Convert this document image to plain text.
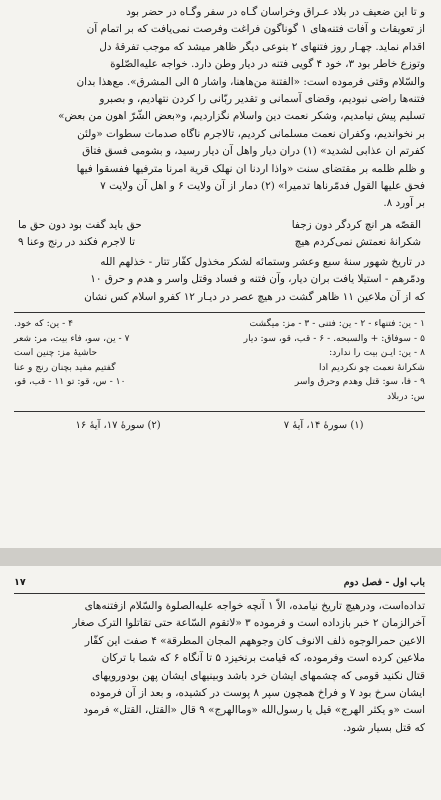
و تا این ضعیف در بلاد عـراق وخراسان گـاه در سفر وگـاه در حضر بود
از تعویقات و آفات فتنه‌های ۱ گوناگون فراغت وفرصت نمی‌یافت که بر اتمام آن
اقدام نماید. چهـار روز فتنهای ۲ بنوعی دیگر ظاهر میشد که موجب تفرقهٔ دل
وتوزع خاطر بود ۳، خود ۴ گویی فتنه در دیار وطن دارد. خواجه علیه‌الصّلوة
والسّلام وقتی فرموده است: «الفتنة من‌هاهنا، واشار ۵ الی المشرق». مع‌هذا بدان
فتنه‌ها راضی نبودیم، وقضای آسمانی و تقدیر ربّانی را کردن نتهادیم، و بصبرو
تسلیم پیش نیامدیم، وشکر نعمت دین واسلام نگزاردیم، و«بعض الشّرّ اهون من بعض»
بر نخواندیم، وکفران نعمت مسلمانی کردیم، تالاجرم ناگاه صدمات سطوات «ولئن
کفرتم ان عذابی لشدید» (۱) دران دیار واهل آن دیار رسید، و بشومی فسق فتاق
و ظلم ظلمه بر مقتضای سنت «واذا اردنا ان نهلک قریة امرنا مترفیها ففسقوا فیها
فحق علیها القول فدمّرناها تدمیرا» (۲) دمار از آن ولایت ۶ و اهل آن ولایت ۷
بر آورد ۸.
القصّه هر انچ کردگر دون زجفا
حق باید گفت بود دون حق ما
شکرانهٔ نعمتش نمی‌کردم هیچ
تا لاجرم فکند در رنج وعنا ۹
در تاریخ شهور سنهٔ سبع وعشر وستمائه لشکر مخذول کفّار تتار - خذلهم الله
ودمّرهم - استیلا یافت بران دیار، وآن فتنه و فساد وقتل واسر و هدم و حرق ۱۰
که از آن ملاعین ۱۱ ظاهر گشت در هیچ عصر در دیـار ۱۲ کفرو اسلام کس نشان
۱ - ین: فتنهاء - ۲ - ین: فتنی - ۳ - مز: میگشت
۴ - ین: که خود.
۵ - سوفاق: + والسبحه. - ۶ - قب، قو، سو: دیار
۷ - ین، سو، فاء بیت، مر: شعر
۸ - ین: ایـن بیت را ندارد:
حاشیهٔ مز: چنین است
شکرانهٔ نعمت چو نکردیم ادا
گفتیم مفید بچنان رنج و عنا
۹ - فا، سو: قتل وهدم وحرق واسر
۱۰ - س، قو: تو ۱۱ - قب، قو،
س: دربلاد
(۱) سورهٔ ۱۴، آیهٔ ۷
(۲) سورهٔ ۱۷، آیهٔ ۱۶
باب اول - فصل دوم
۱۷
تداده‌است، ودرهیچ تاریخ نیامده، الاّ ۱ آنچه خواجه علیه‌الصلوة والسّلام ازفتنه‌های
آخرالزمان ۲ خبر بازداده است و فرموده ۳ «لاتقوم السّاعة حتی تقاتلوا الترک صغار
الاعین حمرالوجوه ذلف الانوف کان وجوههم المجان المطرقة» ۴ صفت این کفّار
ملاعین کرده است وفرموده، که قیامت برنخیزد ۵ تا آنگاه ۶ که شما با ترکان
قتال نکنید قومی که چشمهای ایشان خرد باشد وبینیهای ایشان پهن بودورویهای
ایشان سرخ بود ۷ و فراخ همچون سپر ۸ پوست در کشیده، و بعد از آن فرموده
است «و یکثر الهرج» قیل یا رسول‌الله «وماالهرج» ۹ قال «القتل، القتل» فرمود
که قتل بسیار شود.
